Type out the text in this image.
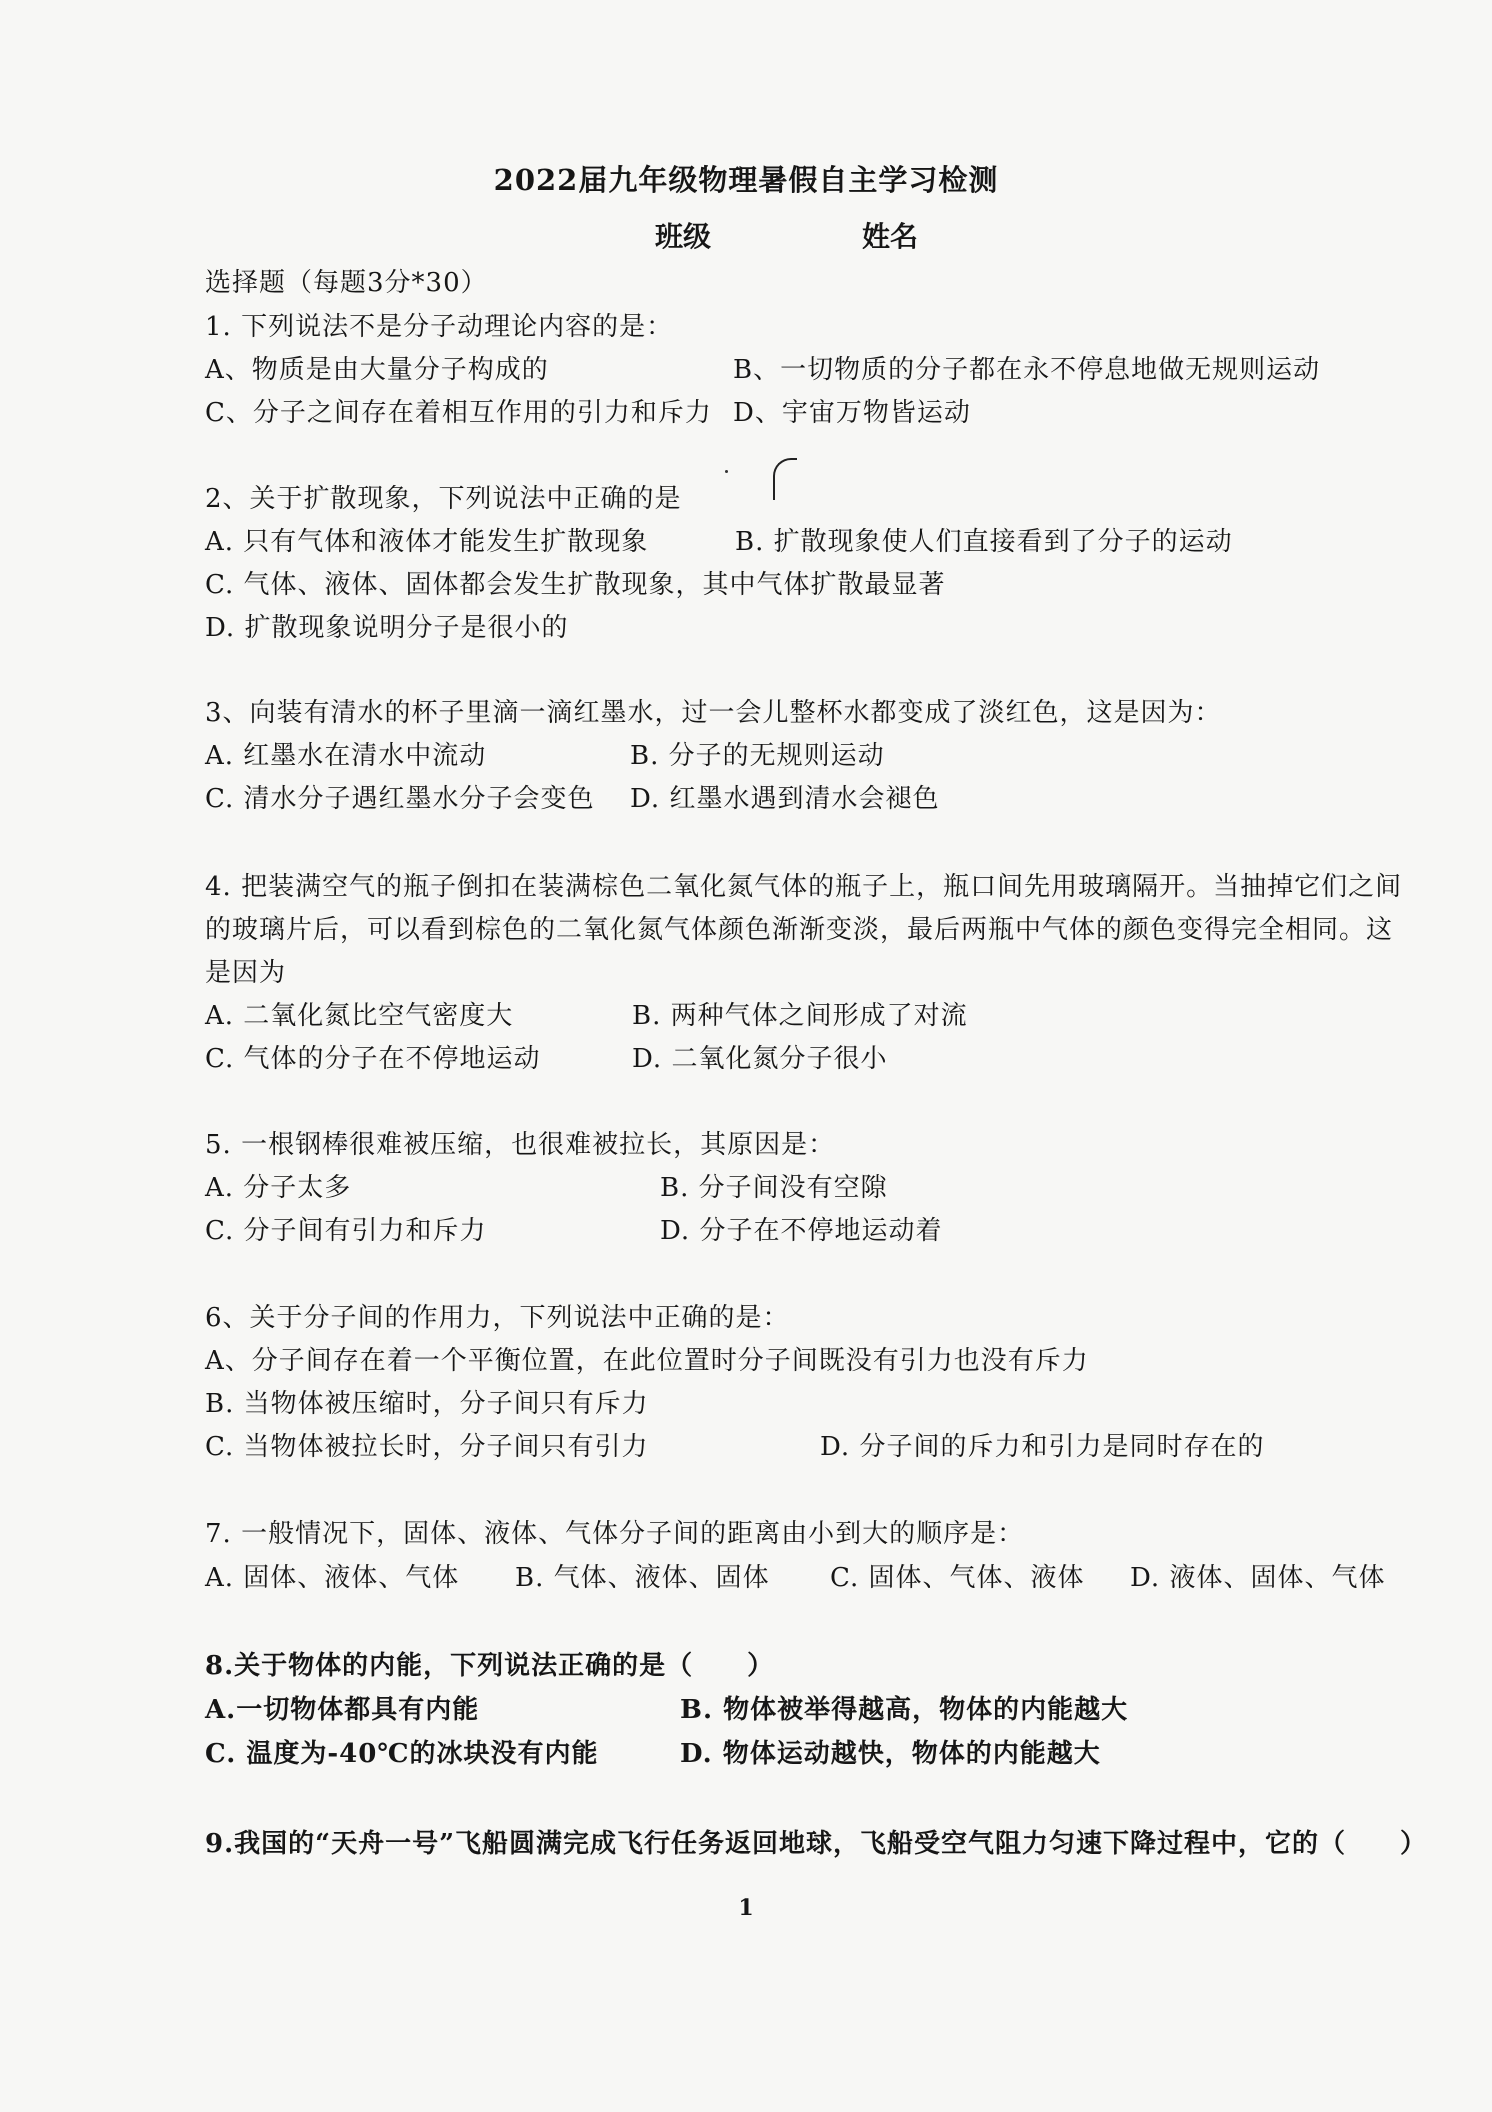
2022届九年级物理暑假自主学习检测
班级	姓名
选择题（每题3分*30）
1. 下列说法不是分子动理论内容的是：
A、物质是由大量分子构成的	B、一切物质的分子都在永不停息地做无规则运动
C、分子之间存在着相互作用的引力和斥力 D、宇宙万物皆运动
2、关于扩散现象，下列说法中正确的是
A. 只有气体和液体才能发生扩散现象	B. 扩散现象使人们直接看到了分子的运动
C. 气体、液体、固体都会发生扩散现象，其中气体扩散最显著
D. 扩散现象说明分子是很小的
3、向装有清水的杯子里滴一滴红墨水，过一会儿整杯水都变成了淡红色，这是因为：
A. 红墨水在清水中流动	B. 分子的无规则运动
C. 清水分子遇红墨水分子会变色 D. 红墨水遇到清水会褪色
4. 把装满空气的瓶子倒扣在装满棕色二氧化氮气体的瓶子上，瓶口间先用玻璃隔开。当抽掉它们之间
的玻璃片后，可以看到棕色的二氧化氮气体颜色渐渐变淡，最后两瓶中气体的颜色变得完全相同。这
是因为
A. 二氧化氮比空气密度大	B. 两种气体之间形成了对流
C. 气体的分子在不停地运动	D. 二氧化氮分子很小
5. 一根钢棒很难被压缩，也很难被拉长，其原因是：
A. 分子太多	B. 分子间没有空隙
C. 分子间有引力和斥力	D. 分子在不停地运动着
6、关于分子间的作用力，下列说法中正确的是：
A、分子间存在着一个平衡位置，在此位置时分子间既没有引力也没有斥力
B. 当物体被压缩时，分子间只有斥力
C. 当物体被拉长时，分子间只有引力	D. 分子间的斥力和引力是同时存在的
7. 一般情况下，固体、液体、气体分子间的距离由小到大的顺序是：
A. 固体、液体、气体 B. 气体、液体、固体 C. 固体、气体、液体 D. 液体、固体、气体
8.关于物体的内能，下列说法正确的是（　　）
A.一切物体都具有内能	B. 物体被举得越高，物体的内能越大
C. 温度为-40℃的冰块没有内能	D. 物体运动越快，物体的内能越大
9.我国的“天舟一号”飞船圆满完成飞行任务返回地球，飞船受空气阻力匀速下降过程中，它的（　　）
1
